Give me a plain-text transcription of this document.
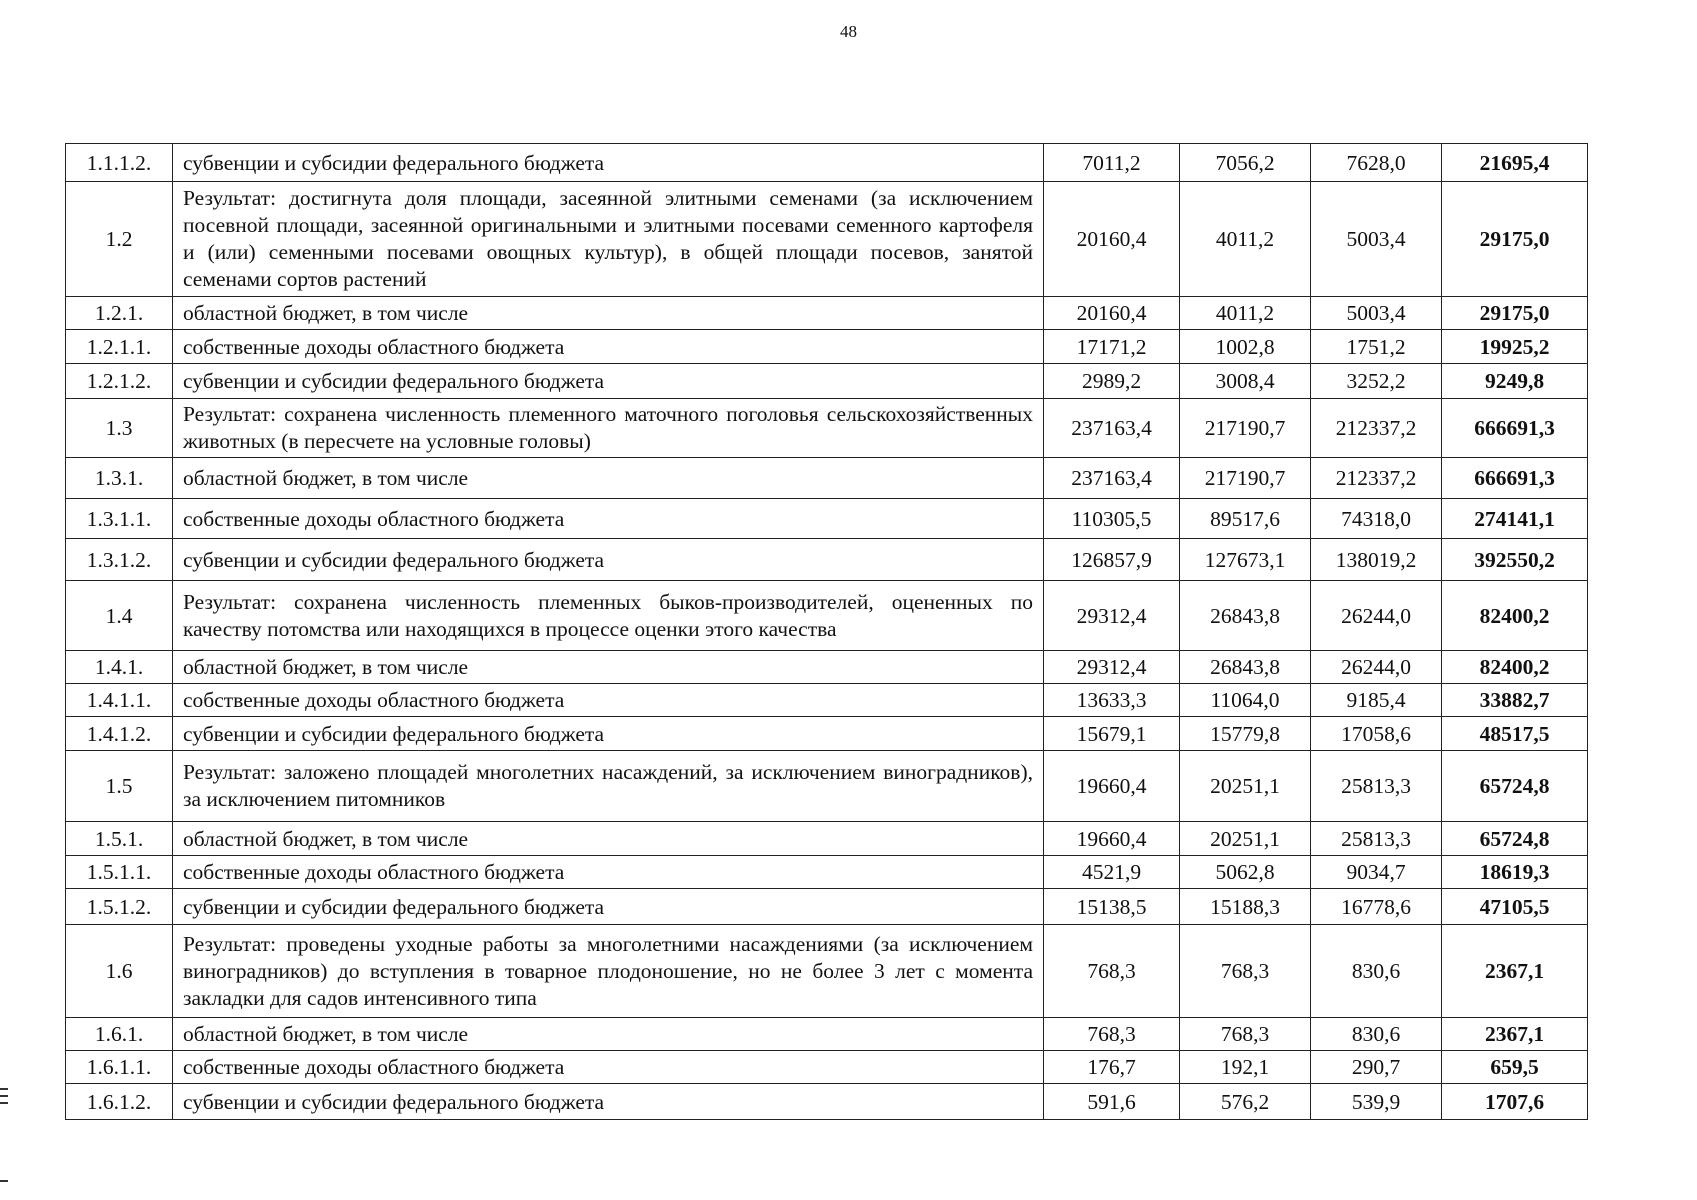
48
1.1.1.2.	субвенции и субсидии федерального бюджета	7011,2	7056,2	7628,0	21695,4
1.2	Результат: достигнута доля площади, засеянной элитными семенами (за исключением посевной площади, засеянной оригинальными и элитными посевами семенного картофеля и (или) семенными посевами овощных культур), в общей площади посевов, занятой семенами сортов растений	20160,4	4011,2	5003,4	29175,0
1.2.1.	областной бюджет, в том числе	20160,4	4011,2	5003,4	29175,0
1.2.1.1.	собственные доходы областного бюджета	17171,2	1002,8	1751,2	19925,2
1.2.1.2.	субвенции и субсидии федерального бюджета	2989,2	3008,4	3252,2	9249,8
1.3	Результат: сохранена численность племенного маточного поголовья сельскохозяйственных животных (в пересчете на условные головы)	237163,4	217190,7	212337,2	666691,3
1.3.1.	областной бюджет, в том числе	237163,4	217190,7	212337,2	666691,3
1.3.1.1.	собственные доходы областного бюджета	110305,5	89517,6	74318,0	274141,1
1.3.1.2.	субвенции и субсидии федерального бюджета	126857,9	127673,1	138019,2	392550,2
1.4	Результат: сохранена численность племенных быков-производителей, оцененных по качеству потомства или находящихся в процессе оценки этого качества	29312,4	26843,8	26244,0	82400,2
1.4.1.	областной бюджет, в том числе	29312,4	26843,8	26244,0	82400,2
1.4.1.1.	собственные доходы областного бюджета	13633,3	11064,0	9185,4	33882,7
1.4.1.2.	субвенции и субсидии федерального бюджета	15679,1	15779,8	17058,6	48517,5
1.5	Результат: заложено площадей многолетних насаждений, за исключением виноградников), за исключением питомников	19660,4	20251,1	25813,3	65724,8
1.5.1.	областной бюджет, в том числе	19660,4	20251,1	25813,3	65724,8
1.5.1.1.	собственные доходы областного бюджета	4521,9	5062,8	9034,7	18619,3
1.5.1.2.	субвенции и субсидии федерального бюджета	15138,5	15188,3	16778,6	47105,5
1.6	Результат: проведены уходные работы за многолетними насаждениями (за исключением виноградников) до вступления в товарное плодоношение, но не более 3 лет с момента закладки для садов интенсивного типа	768,3	768,3	830,6	2367,1
1.6.1.	областной бюджет, в том числе	768,3	768,3	830,6	2367,1
1.6.1.1.	собственные доходы областного бюджета	176,7	192,1	290,7	659,5
1.6.1.2.	субвенции и субсидии федерального бюджета	591,6	576,2	539,9	1707,6
